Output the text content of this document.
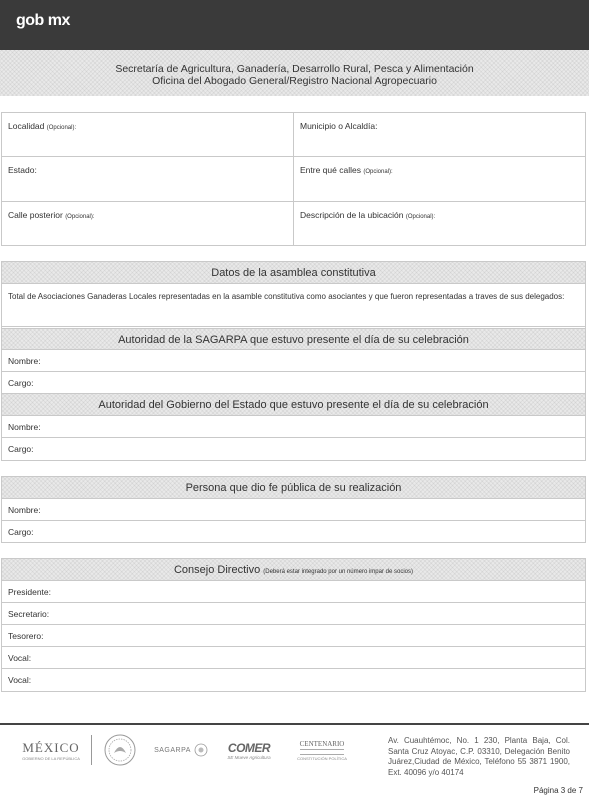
gob mx
Secretaría de Agricultura, Ganadería, Desarrollo Rural, Pesca y Alimentación
Oficina del Abogado General/Registro Nacional Agropecuario
Localidad (Opcional):	Municipio o Alcaldía:
Estado:	Entre qué calles (Opcional):
Calle posterior (Opcional):	Descripción de la ubicación (Opcional):
Datos de la asamblea constitutiva
Total de Asociaciones Ganaderas Locales representadas en la asamble constitutiva como asociantes y que fueron representadas a traves de sus delegados:
Autoridad de la SAGARPA que estuvo presente el día de su celebración
Nombre:
Cargo:
Autoridad del Gobierno del Estado que estuvo presente el día de su celebración
Nombre:
Cargo:
Persona que dio fe pública de su realización
Nombre:
Cargo:
Consejo Directivo (Deberá estar integrado por un número impar de socios)
Presidente:
Secretario:
Tesorero:
Vocal:
Vocal:
MÉXICO
GOBIERNO DE LA REPÚBLICA
SAGARPA	COMER
SE Mueve Agricultura
CENTENARIO
CONSTITUCIÓN POLÍTICA
Av. Cuauhtémoc, No. 1 230, Planta Baja, Col. Santa Cruz Atoyac, C.P. 03310, Delegación Benito Juárez,Ciudad de México, Teléfono 55 3871 1900, Ext. 40096 y/o 40174
Página 3 de 7
